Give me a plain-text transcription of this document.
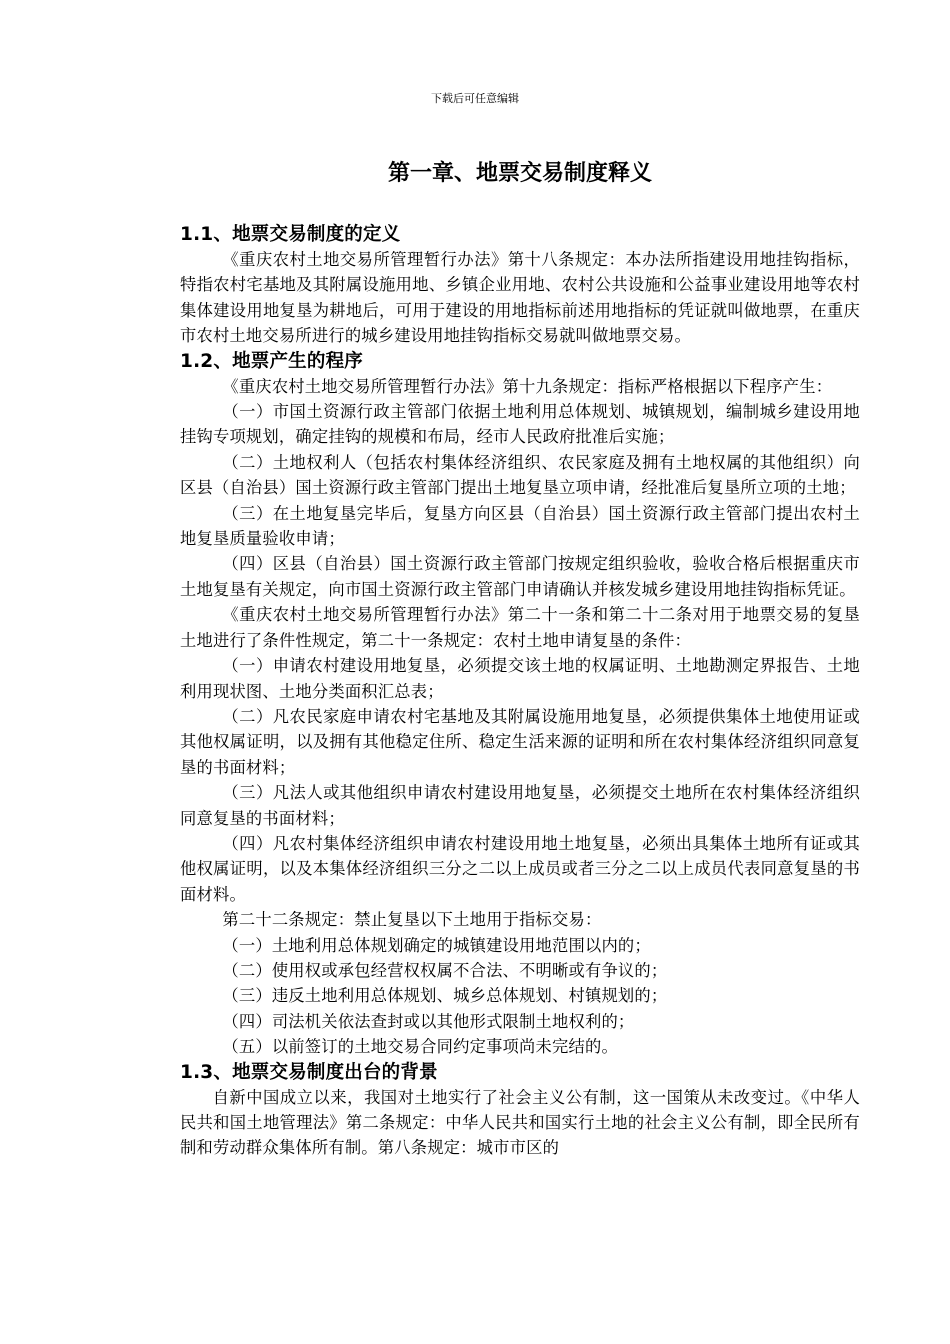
下载后可任意编辑
第一章、地票交易制度释义
1.1、地票交易制度的定义

《重庆农村土地交易所管理暂行办法》第十八条规定：本办法所指建设用地挂钩指标，特指农村宅基地及其附属设施用地、乡镇企业用地、农村公共设施和公益事业建设用地等农村集体建设用地复垦为耕地后，可用于建设的用地指标前述用地指标的凭证就叫做地票，在重庆市农村土地交易所进行的城乡建设用地挂钩指标交易就叫做地票交易。

1.2、地票产生的程序

《重庆农村土地交易所管理暂行办法》第十九条规定：指标严格根据以下程序产生：

（一）市国土资源行政主管部门依据土地利用总体规划、城镇规划，编制城乡建设用地挂钩专项规划，确定挂钩的规模和布局，经市人民政府批准后实施；

（二）土地权利人（包括农村集体经济组织、农民家庭及拥有土地权属的其他组织）向区县（自治县）国土资源行政主管部门提出土地复垦立项申请，经批准后复垦所立项的土地；

（三）在土地复垦完毕后，复垦方向区县（自治县）国土资源行政主管部门提出农村土地复垦质量验收申请；

（四）区县（自治县）国土资源行政主管部门按规定组织验收，验收合格后根据重庆市土地复垦有关规定，向市国土资源行政主管部门申请确认并核发城乡建设用地挂钩指标凭证。

《重庆农村土地交易所管理暂行办法》第二十一条和第二十二条对用于地票交易的复垦土地进行了条件性规定，第二十一条规定：农村土地申请复垦的条件：

（一）申请农村建设用地复垦，必须提交该土地的权属证明、土地勘测定界报告、土地利用现状图、土地分类面积汇总表；

（二）凡农民家庭申请农村宅基地及其附属设施用地复垦，必须提供集体土地使用证或其他权属证明，以及拥有其他稳定住所、稳定生活来源的证明和所在农村集体经济组织同意复垦的书面材料；

（三）凡法人或其他组织申请农村建设用地复垦，必须提交土地所在农村集体经济组织同意复垦的书面材料；

（四）凡农村集体经济组织申请农村建设用地土地复垦，必须出具集体土地所有证或其他权属证明，以及本集体经济组织三分之二以上成员或者三分之二以上成员代表同意复垦的书面材料。

第二十二条规定：禁止复垦以下土地用于指标交易：

（一）土地利用总体规划确定的城镇建设用地范围以内的；

（二）使用权或承包经营权权属不合法、不明晰或有争议的；

（三）违反土地利用总体规划、城乡总体规划、村镇规划的；

（四）司法机关依法查封或以其他形式限制土地权利的；

（五）以前签订的土地交易合同约定事项尚未完结的。

1.3、地票交易制度出台的背景

自新中国成立以来，我国对土地实行了社会主义公有制，这一国策从未改变过。《中华人民共和国土地管理法》第二条规定：中华人民共和国实行土地的社会主义公有制，即全民所有制和劳动群众集体所有制。第八条规定：城市市区的
